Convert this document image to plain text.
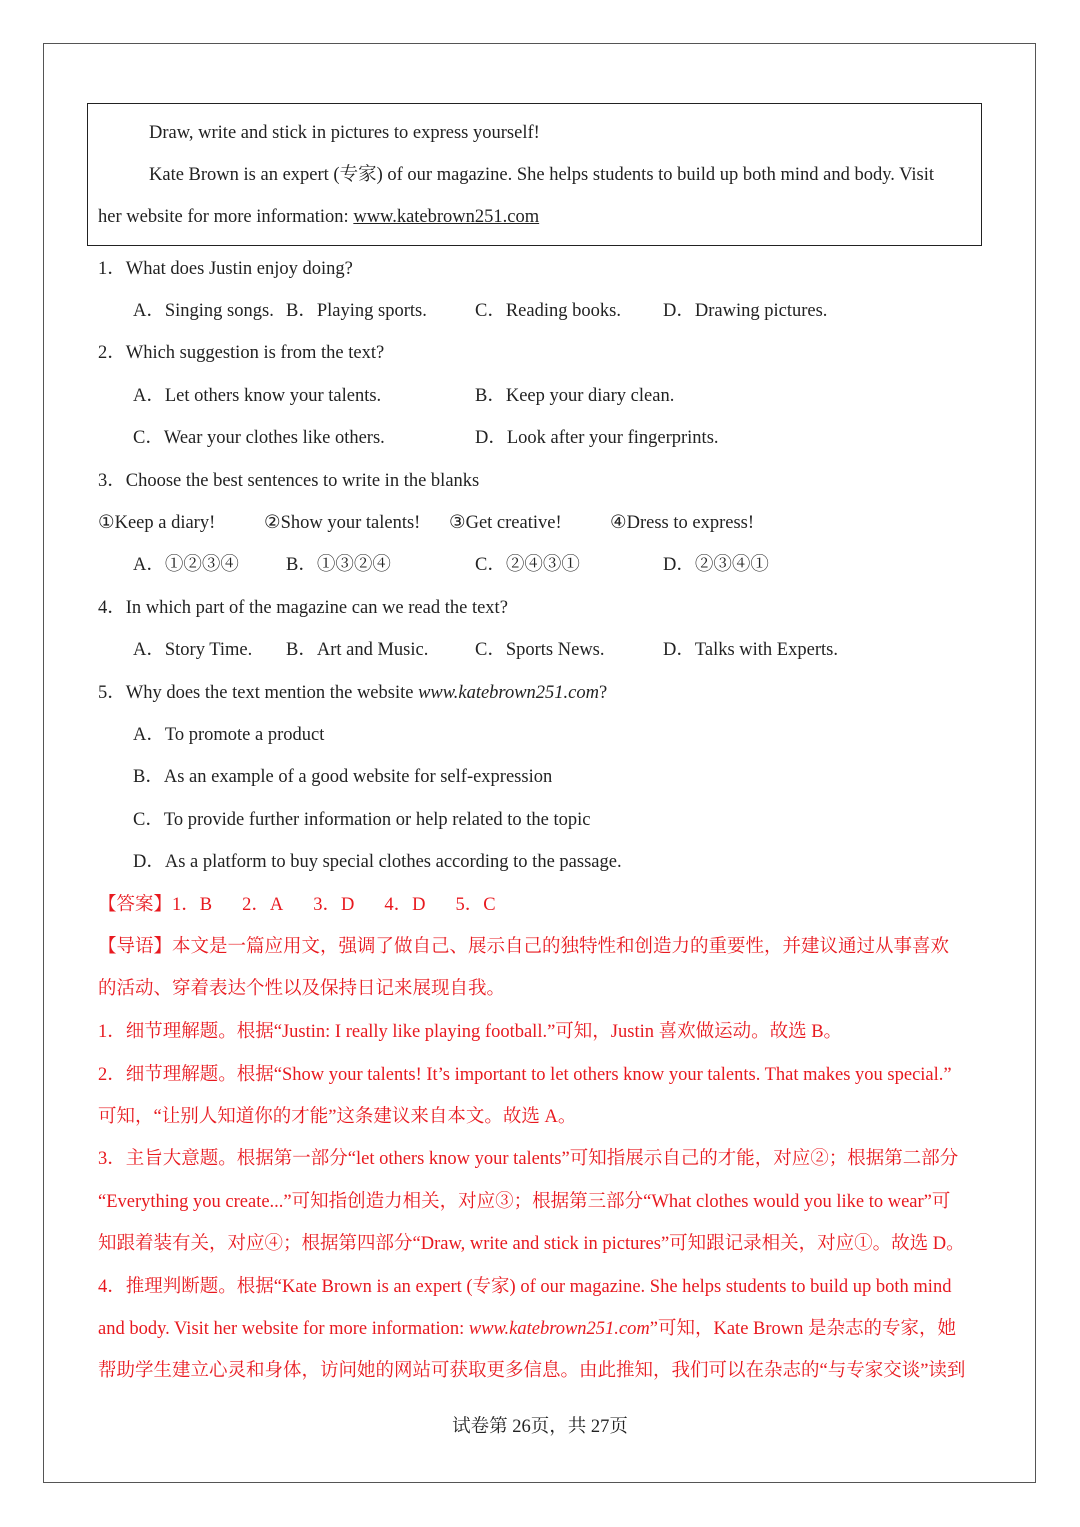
Draw, write and stick in pictures to express yourself!
Kate Brown is an expert (专家) of our magazine. She helps students to build up both mind and body. Visit
her website for more information: www.katebrown251.com
1．What does Justin enjoy doing?
A．Singing songs. B．Playing sports.	C．Reading books. D．Drawing pictures.
2．Which suggestion is from the text?
A．Let others know your talents.	B．Keep your diary clean.
C．Wear your clothes like others.	D．Look after your fingerprints.
3．Choose the best sentences to write in the blanks
①Keep a diary!	②Show your talents! ③Get creative!	④Dress to express!
A．①②③④	B．①③②④	C．②④③①	D．②③④①
4．In which part of the magazine can we read the text?
A．Story Time. B．Art and Music.	C．Sports News.	D．Talks with Experts.
5．Why does the text mention the website www.katebrown251.com?
A．To promote a product
B．As an example of a good website for self-expression
C．To provide further information or help related to the topic
D．As a platform to buy special clothes according to the passage.
【答案】1．B 2．A 3．D 4．D 5．C
【导语】本文是一篇应用文，强调了做自己、展示自己的独特性和创造力的重要性，并建议通过从事喜欢
的活动、穿着表达个性以及保持日记来展现自我。
1．细节理解题。根据“Justin: I really like playing football.”可知，Justin 喜欢做运动。故选 B。
2．细节理解题。根据“Show your talents! It’s important to let others know your talents. That makes you special.”
可知，“让别人知道你的才能”这条建议来自本文。故选 A。
3．主旨大意题。根据第一部分“let others know your talents”可知指展示自己的才能，对应②；根据第二部分
“Everything you create...”可知指创造力相关，对应③；根据第三部分“What clothes would you like to wear”可
知跟着装有关，对应④；根据第四部分“Draw, write and stick in pictures”可知跟记录相关，对应①。故选 D。
4．推理判断题。根据“Kate Brown is an expert (专家) of our magazine. She helps students to build up both mind
and body. Visit her website for more information: www.katebrown251.com”可知，Kate Brown 是杂志的专家，她
帮助学生建立心灵和身体，访问她的网站可获取更多信息。由此推知，我们可以在杂志的“与专家交谈”读到
试卷第 26页，共 27页
